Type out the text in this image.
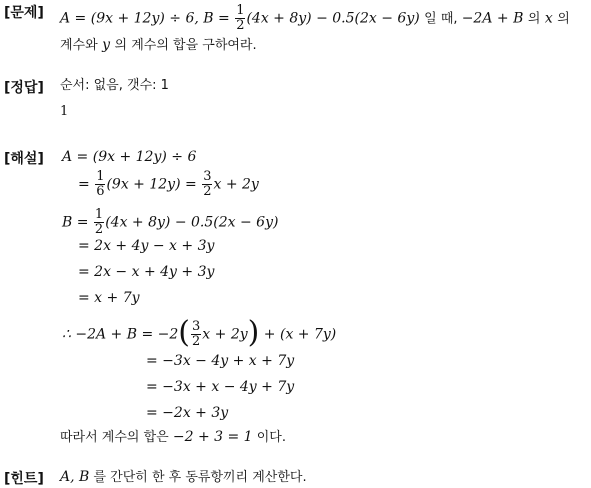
[문제] A = (9x + 12y) ÷ 6, $B = \frac{1}{2} (4x + 8y) - 0.5(2x - 6y)$ 일 때, −2A + B 의 x 의
계수와 y 의 계수의 합을 구하여라.
[정답] 순서: 없음, 갯수: 1
1
[해설] A = (9x + 12y) ÷ 6
= $\frac{1}{6} (9x + 12y) = \frac{3}{2}$ x + 2y
$B = \frac{1}{2} (4x + 8y) - 0.5(2x - 6y)$
= 2x + 4y − x + 3y
= 2x − x + 4y + 3y
= x + 7y
∴ $-2A + B = -2( \frac{3}{2}$ x + 2y) + (x + 7y)
= −3x − 4y + x + 7y
= −3x + x − 4y + 7y
= −2x + 3y
따라서 계수의 합은 −2 + 3 = 1 이다.
[힌트] A, B 를 간단히 한 후 동류항끼리 계산한다.
